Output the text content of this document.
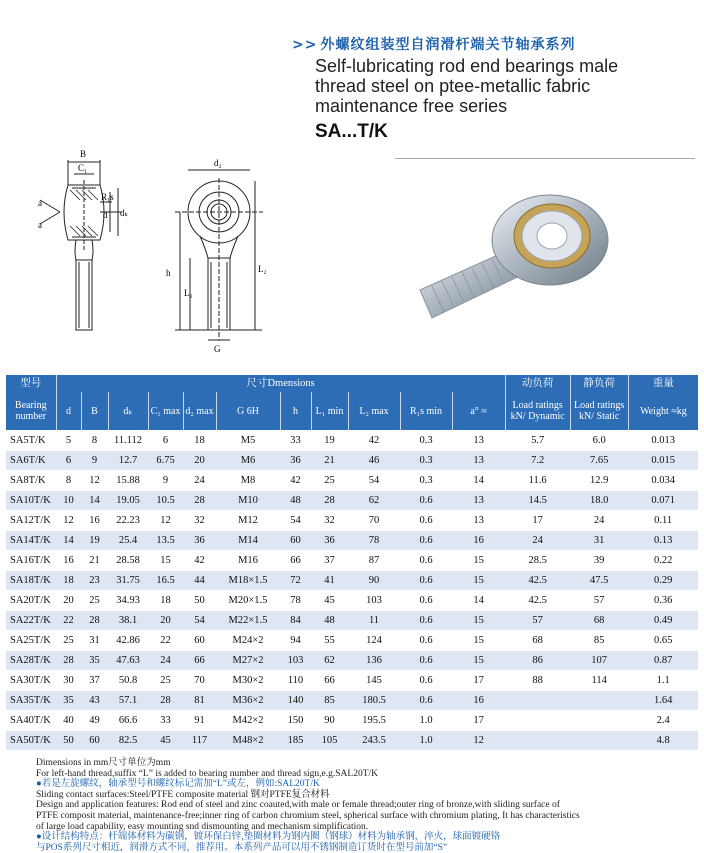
>> 外螺纹组装型自润滑杆端关节轴承系列
Self-lubricating rod end bearings male
thread steel on ptee-metallic fabric
maintenance free series
SA...T/K
B
C₁
a
a
R₁s
d dₖ
d₂
h
L₁
L₂
G
型号	尺寸Dmensions											动负荷	静负荷	重量
Bearing number	d	B	dₖ	C₁ max	d₂ max	G 6H	h	L₁ min	L₂ max	R₁s min	a° ≈	Load ratings kN/ Dynamic	Load ratings kN/ Static	Weight ≈kg
SA5T/K	5	8	11.112	6	18	M5	33	19	42	0.3	13	5.7	6.0	0.013
SA6T/K	6	9	12.7	6.75	20	M6	36	21	46	0.3	13	7.2	7.65	0.015
SA8T/K	8	12	15.88	9	24	M8	42	25	54	0.3	14	11.6	12.9	0.034
SA10T/K	10	14	19.05	10.5	28	M10	48	28	62	0.6	13	14.5	18.0	0.071
SA12T/K	12	16	22.23	12	32	M12	54	32	70	0.6	13	17	24	0.11
SA14T/K	14	19	25.4	13.5	36	M14	60	36	78	0.6	16	24	31	0.13
SA16T/K	16	21	28.58	15	42	M16	66	37	87	0.6	15	28.5	39	0.22
SA18T/K	18	23	31.75	16.5	44	M18×1.5	72	41	90	0.6	15	42.5	47.5	0.29
SA20T/K	20	25	34.93	18	50	M20×1.5	78	45	103	0.6	14	42.5	57	0.36
SA22T/K	22	28	38.1	20	54	M22×1.5	84	48	11	0.6	15	57	68	0.49
SA25T/K	25	31	42.86	22	60	M24×2	94	55	124	0.6	15	68	85	0.65
SA28T/K	28	35	47.63	24	66	M27×2	103	62	136	0.6	15	86	107	0.87
SA30T/K	30	37	50.8	25	70	M30×2	110	66	145	0.6	17	88	114	1.1
SA35T/K	35	43	57.1	28	81	M36×2	140	85	180.5	0.6	16			1.64
SA40T/K	40	49	66.6	33	91	M42×2	150	90	195.5	1.0	17			2.4
SA50T/K	50	60	82.5	45	117	M48×2	185	105	243.5	1.0	12			4.8

Dimensions in mm尺寸单位为mm

For left-hand thread,suffix “L” is added to bearing number and thread sign,e.g.SAL20T/K

●若是左旋螺纹，轴承型号和螺纹标记需加“L”或左，例如:SAL20T/K

Sliding contact surfaces:Steel/PTFE composite material 钢对PTFE复合材料

Design and application features: Rod end of steel and zinc coauted,with male or female thread;outer ring of bronze,with sliding surface of

PTFE composit material, maintenance-free;inner ring of carbon chromium steel, spherical surface with chromium plating, It has characteristics

of large load capability, easy mounting snd dismounting and mechanism simplification.

●设计结构特点：杆端体材料为碳钢，镀环保白锌,垫圈材料为钢内圈（钢球）材料为轴承钢，淬火，球面镀硬铬

与POS系列尺寸相近，润滑方式不同，推荐用。本系列产品可以用不锈钢制造订货时在型号前加“S”
